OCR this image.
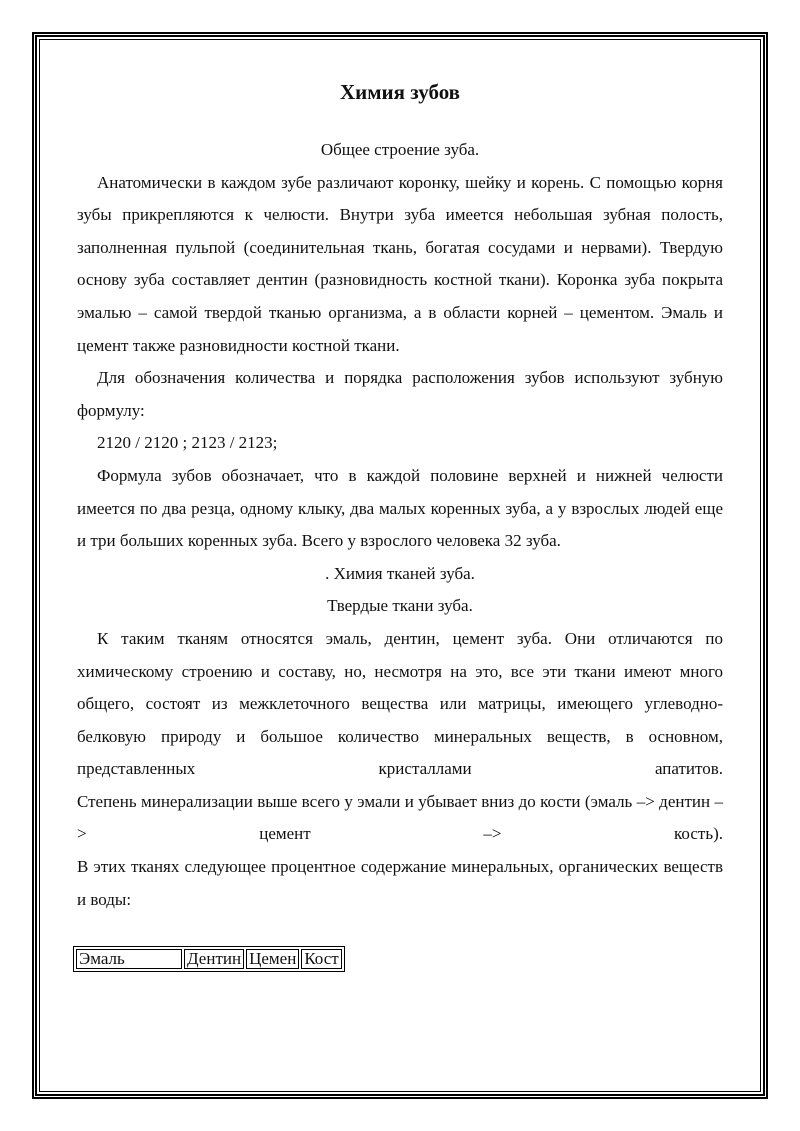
Химия зубов

Общее строение зуба.

Анатомически в каждом зубе различают коронку, шейку и корень. С помощью корня зубы прикрепляются к челюсти. Внутри зуба имеется небольшая зубная полость, заполненная пульпой (соединительная ткань, богатая сосудами и нервами). Твердую основу зуба составляет дентин (разновидность костной ткани). Коронка зуба покрыта эмалью – самой твердой тканью организма, а в области корней – цементом. Эмаль и цемент также разновидности костной ткани.

Для обозначения количества и порядка расположения зубов используют зубную формулу:

2120 / 2120 ; 2123 / 2123;

Формула зубов обозначает, что в каждой половине верхней и нижней челюсти имеется по два резца, одному клыку, два малых коренных зуба, а у взрослых людей еще и три больших коренных зуба. Всего у взрослого человека 32 зуба.

. Химия тканей зуба.

Твердые ткани зуба.

К таким тканям относятся эмаль, дентин, цемент зуба. Они отличаются по химическому строению и составу, но, несмотря на это, все эти ткани имеют много общего, состоят из межклеточного вещества или матрицы, имеющего углеводно-белковую природу и большое количество минеральных веществ, в основном, представленных кристаллами апатитов.

Степень минерализации выше всего у эмали и убывает вниз до кости (эмаль –> дентин –> цемент –> кость).

В этих тканях следующее процентное содержание минеральных, органических веществ и воды:

Эмаль	Дентин	Цемен	Кост
